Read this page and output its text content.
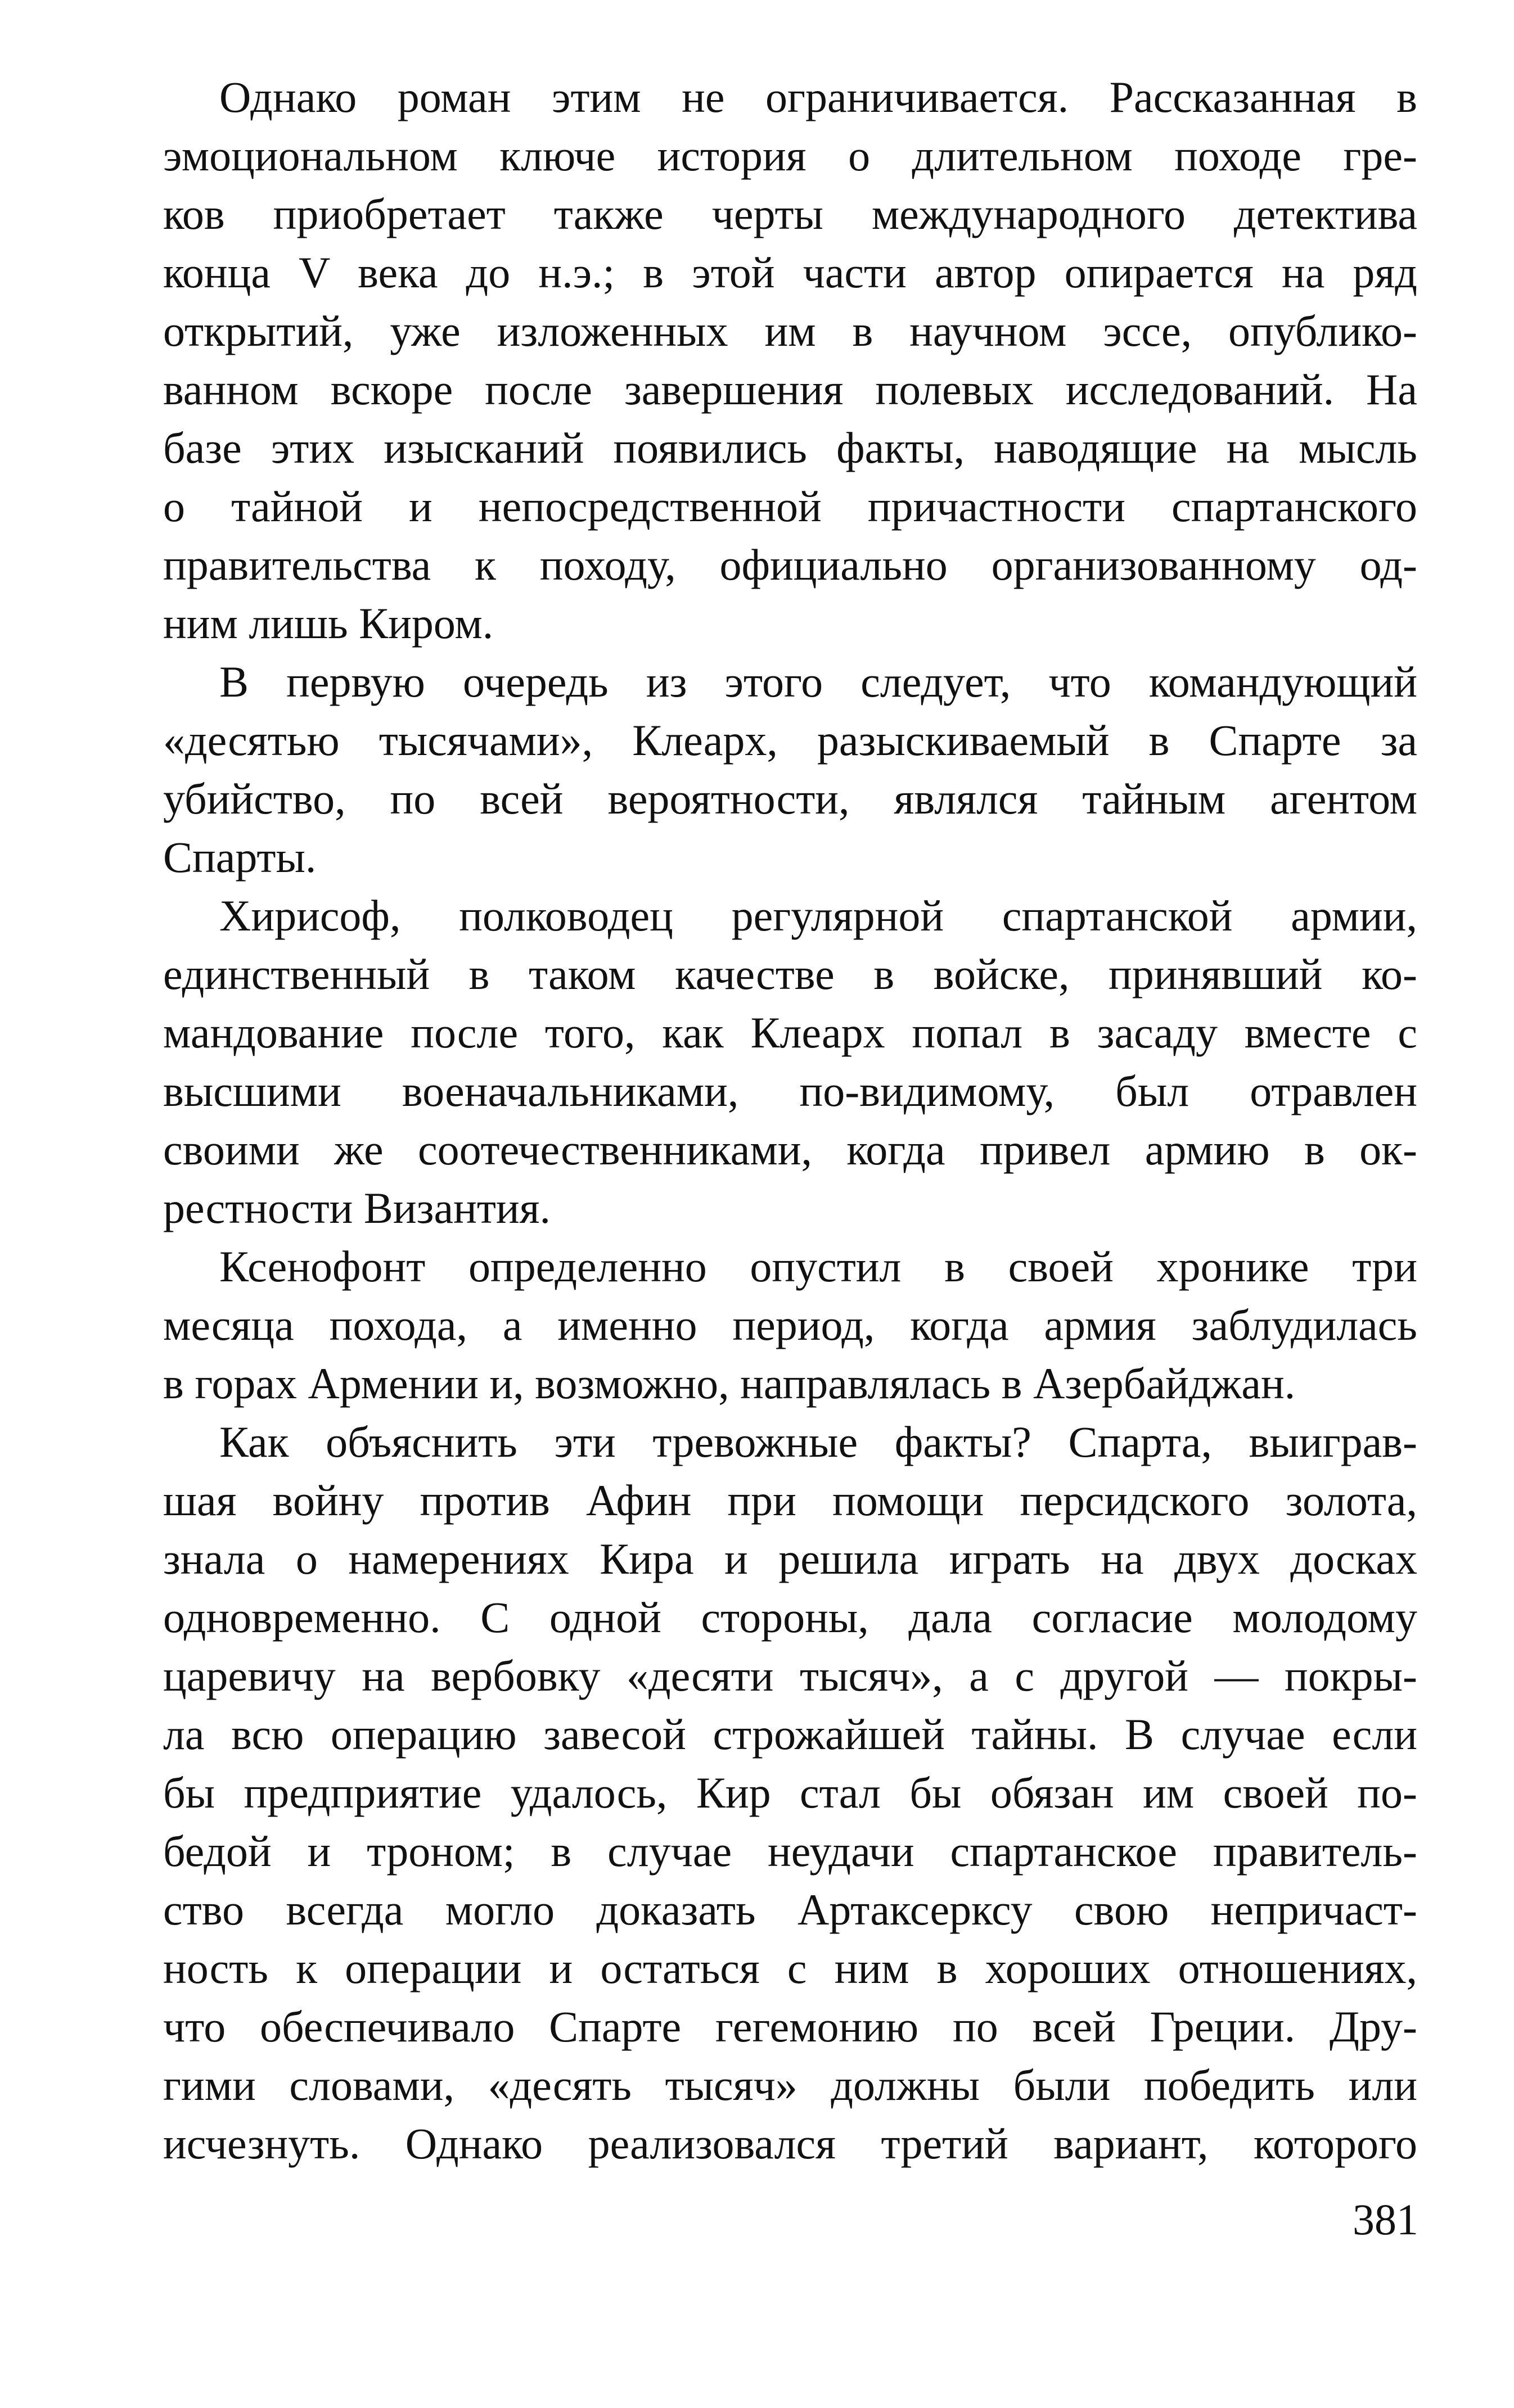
Однако роман этим не ограничивается. Рассказанная в
эмоциональном ключе история о длительном походе гре-
ков приобретает также черты международного детектива
конца V века до н.э.; в этой части автор опирается на ряд
открытий, уже изложенных им в научном эссе, опублико-
ванном вскоре после завершения полевых исследований. На
базе этих изысканий появились факты, наводящие на мысль
о тайной и непосредственной причастности спартанского
правительства к походу, официально организованному од-
ним лишь Киром.
В первую очередь из этого следует, что командующий
«десятью тысячами», Клеарх, разыскиваемый в Спарте за
убийство, по всей вероятности, являлся тайным агентом
Спарты.
Хирисоф, полководец регулярной спартанской армии,
единственный в таком качестве в войске, принявший ко-
мандование после того, как Клеарх попал в засаду вместе с
высшими военачальниками, по-видимому, был отравлен
своими же соотечественниками, когда привел армию в ок-
рестности Византия.
Ксенофонт определенно опустил в своей хронике три
месяца похода, а именно период, когда армия заблудилась
в горах Армении и, возможно, направлялась в Азербайджан.
Как объяснить эти тревожные факты? Спарта, выиграв-
шая войну против Афин при помощи персидского золота,
знала о намерениях Кира и решила играть на двух досках
одновременно. С одной стороны, дала согласие молодому
царевичу на вербовку «десяти тысяч», а с другой — покры-
ла всю операцию завесой строжайшей тайны. В случае если
бы предприятие удалось, Кир стал бы обязан им своей по-
бедой и троном; в случае неудачи спартанское правитель-
ство всегда могло доказать Артаксерксу свою непричаст-
ность к операции и остаться с ним в хороших отношениях,
что обеспечивало Спарте гегемонию по всей Греции. Дру-
гими словами, «десять тысяч» должны были победить или
исчезнуть. Однако реализовался третий вариант, которого
381
